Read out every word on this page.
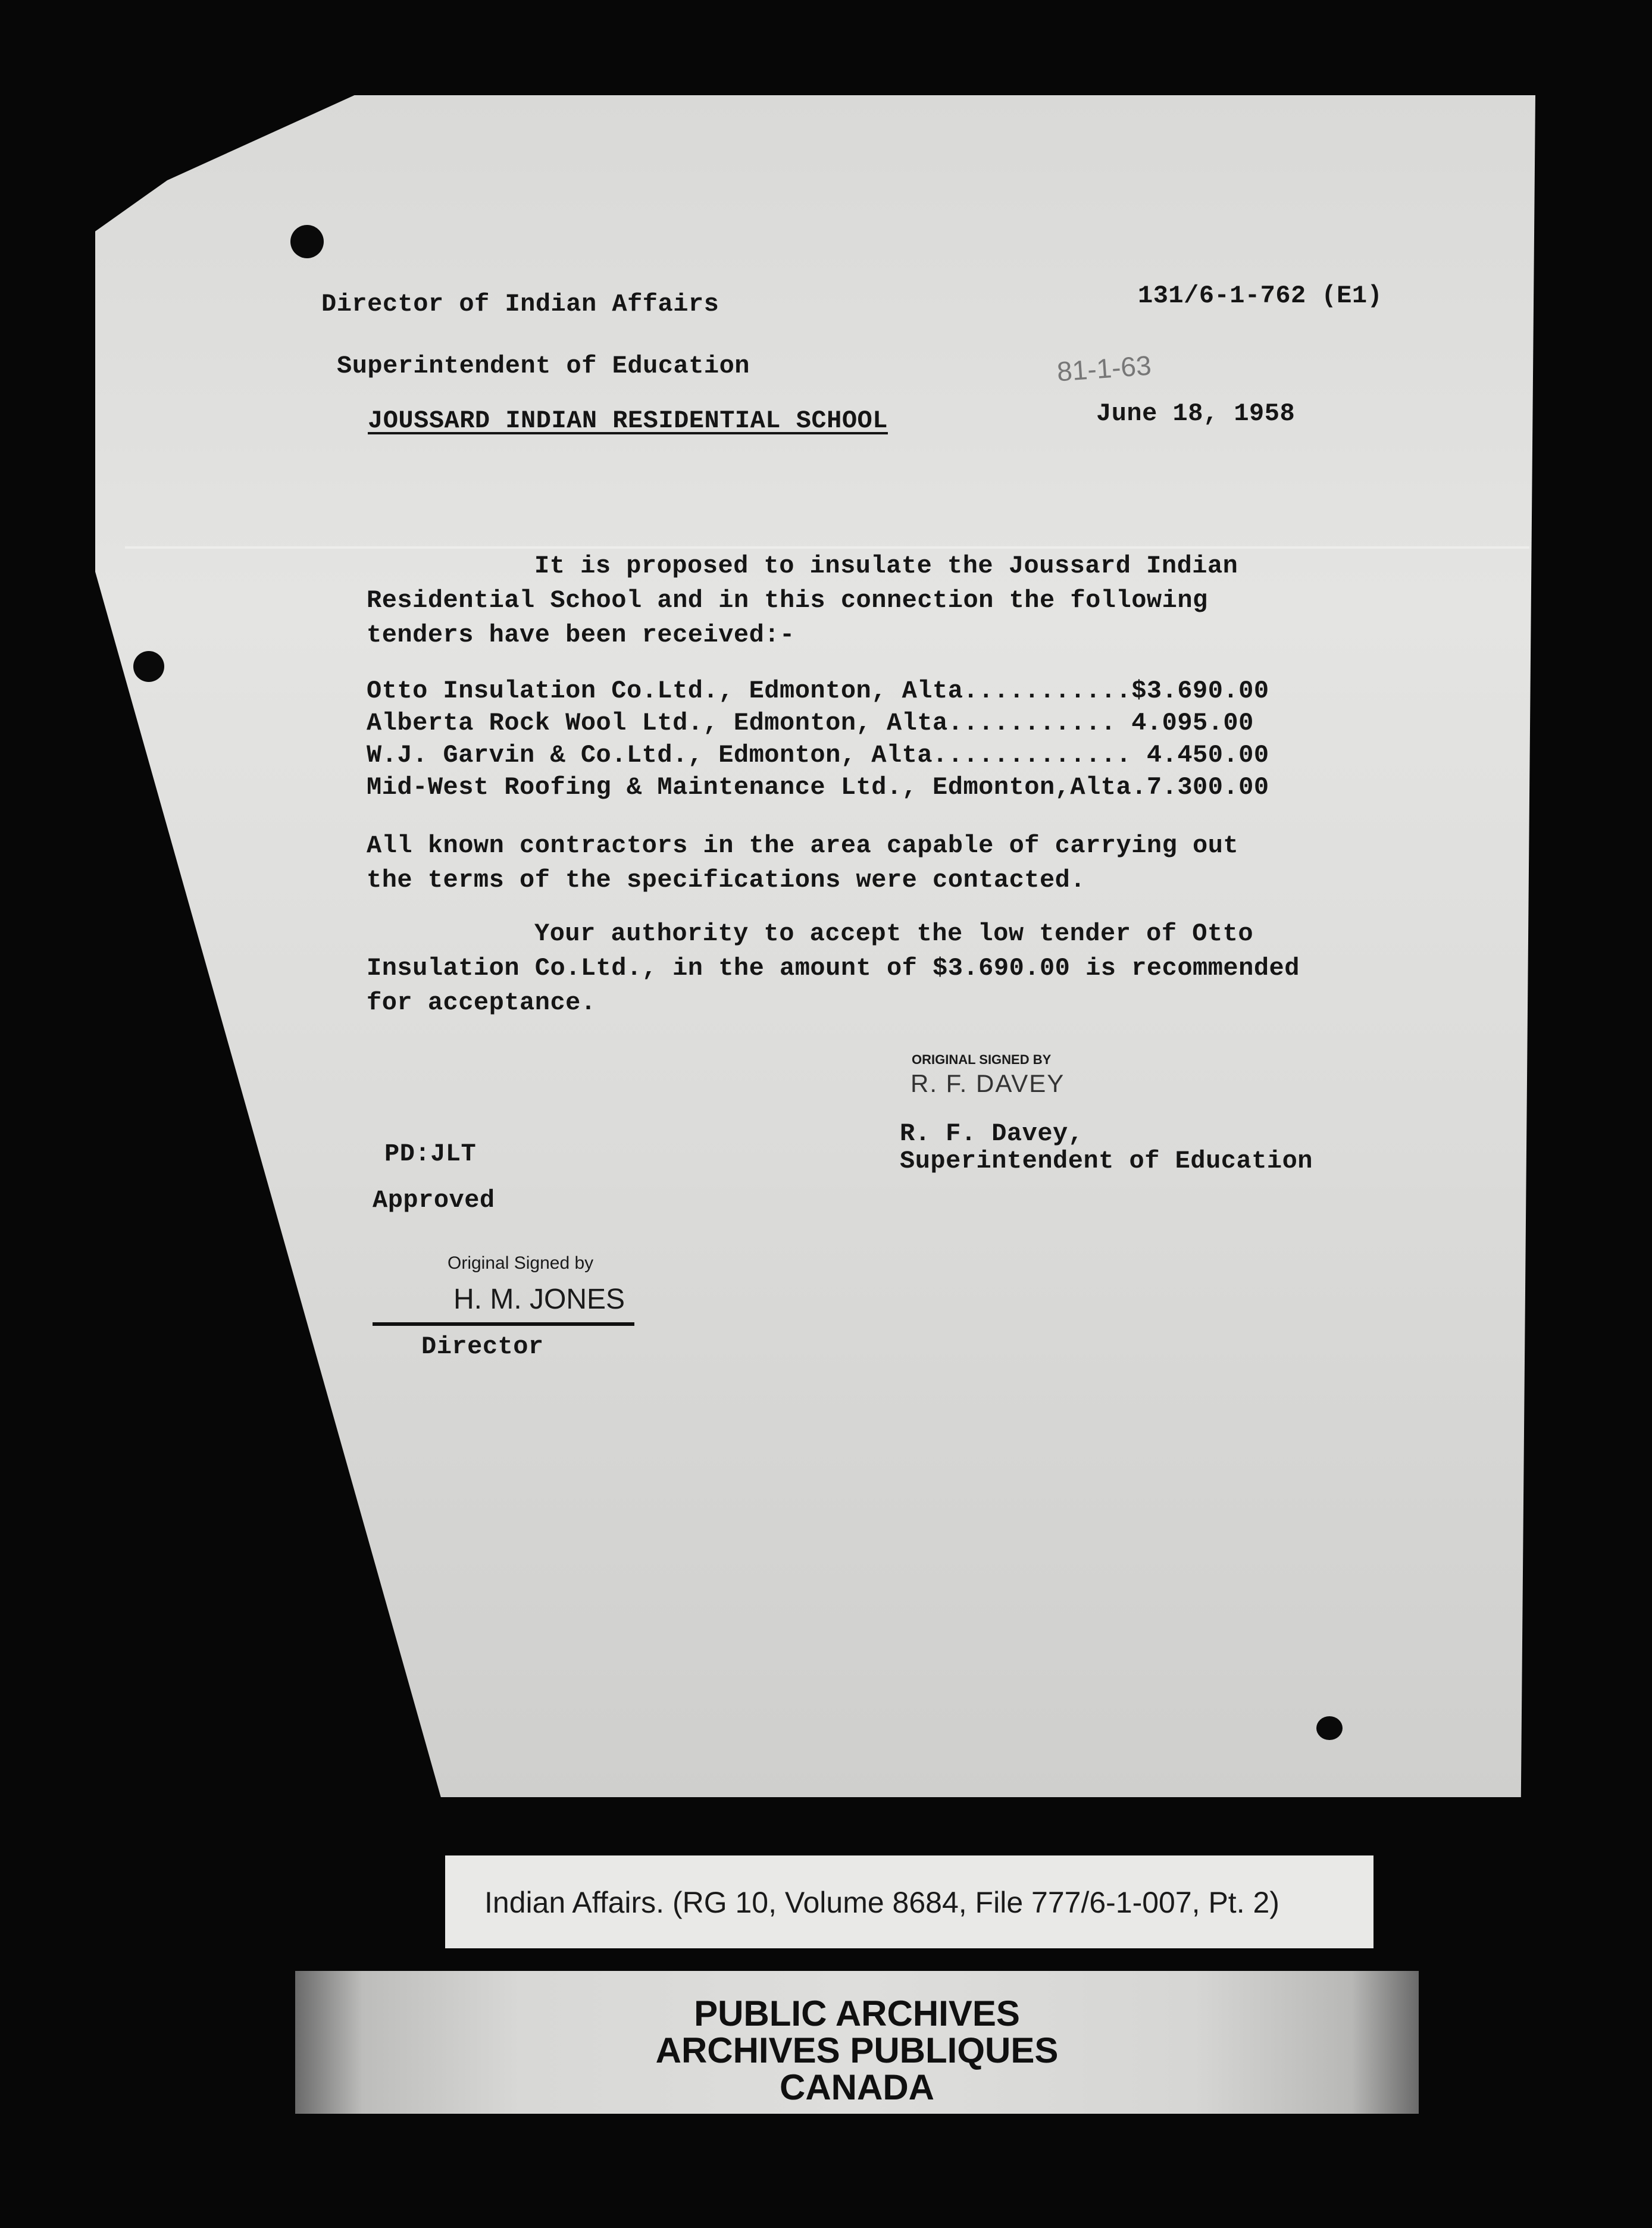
Director of Indian Affairs	131/6-1-762 (E1)
Superintendent of Education	81-1-63
JOUSSARD INDIAN RESIDENTIAL SCHOOL	June 18, 1958
It is proposed to insulate the Joussard Indian
Residential School and in this connection the following
tenders have been received:-
Otto Insulation Co.Ltd., Edmonton, Alta...........$3.690.00
Alberta Rock Wool Ltd., Edmonton, Alta........... 4.095.00
W.J. Garvin & Co.Ltd., Edmonton, Alta............. 4.450.00
Mid-West Roofing & Maintenance Ltd., Edmonton,Alta.7.300.00
All known contractors in the area capable of carrying out
the terms of the specifications were contacted.
Your authority to accept the low tender of Otto
Insulation Co.Ltd., in the amount of $3.690.00 is recommended
for acceptance.
ORIGINAL SIGNED BY
R. F. DAVEY
R. F. Davey,
Superintendent of Education
PD:JLT
Approved
Original Signed by
H. M. JONES
Director
Indian Affairs. (RG 10, Volume 8684, File 777/6-1-007, Pt. 2)
PUBLIC ARCHIVES
ARCHIVES PUBLIQUES
CANADA
